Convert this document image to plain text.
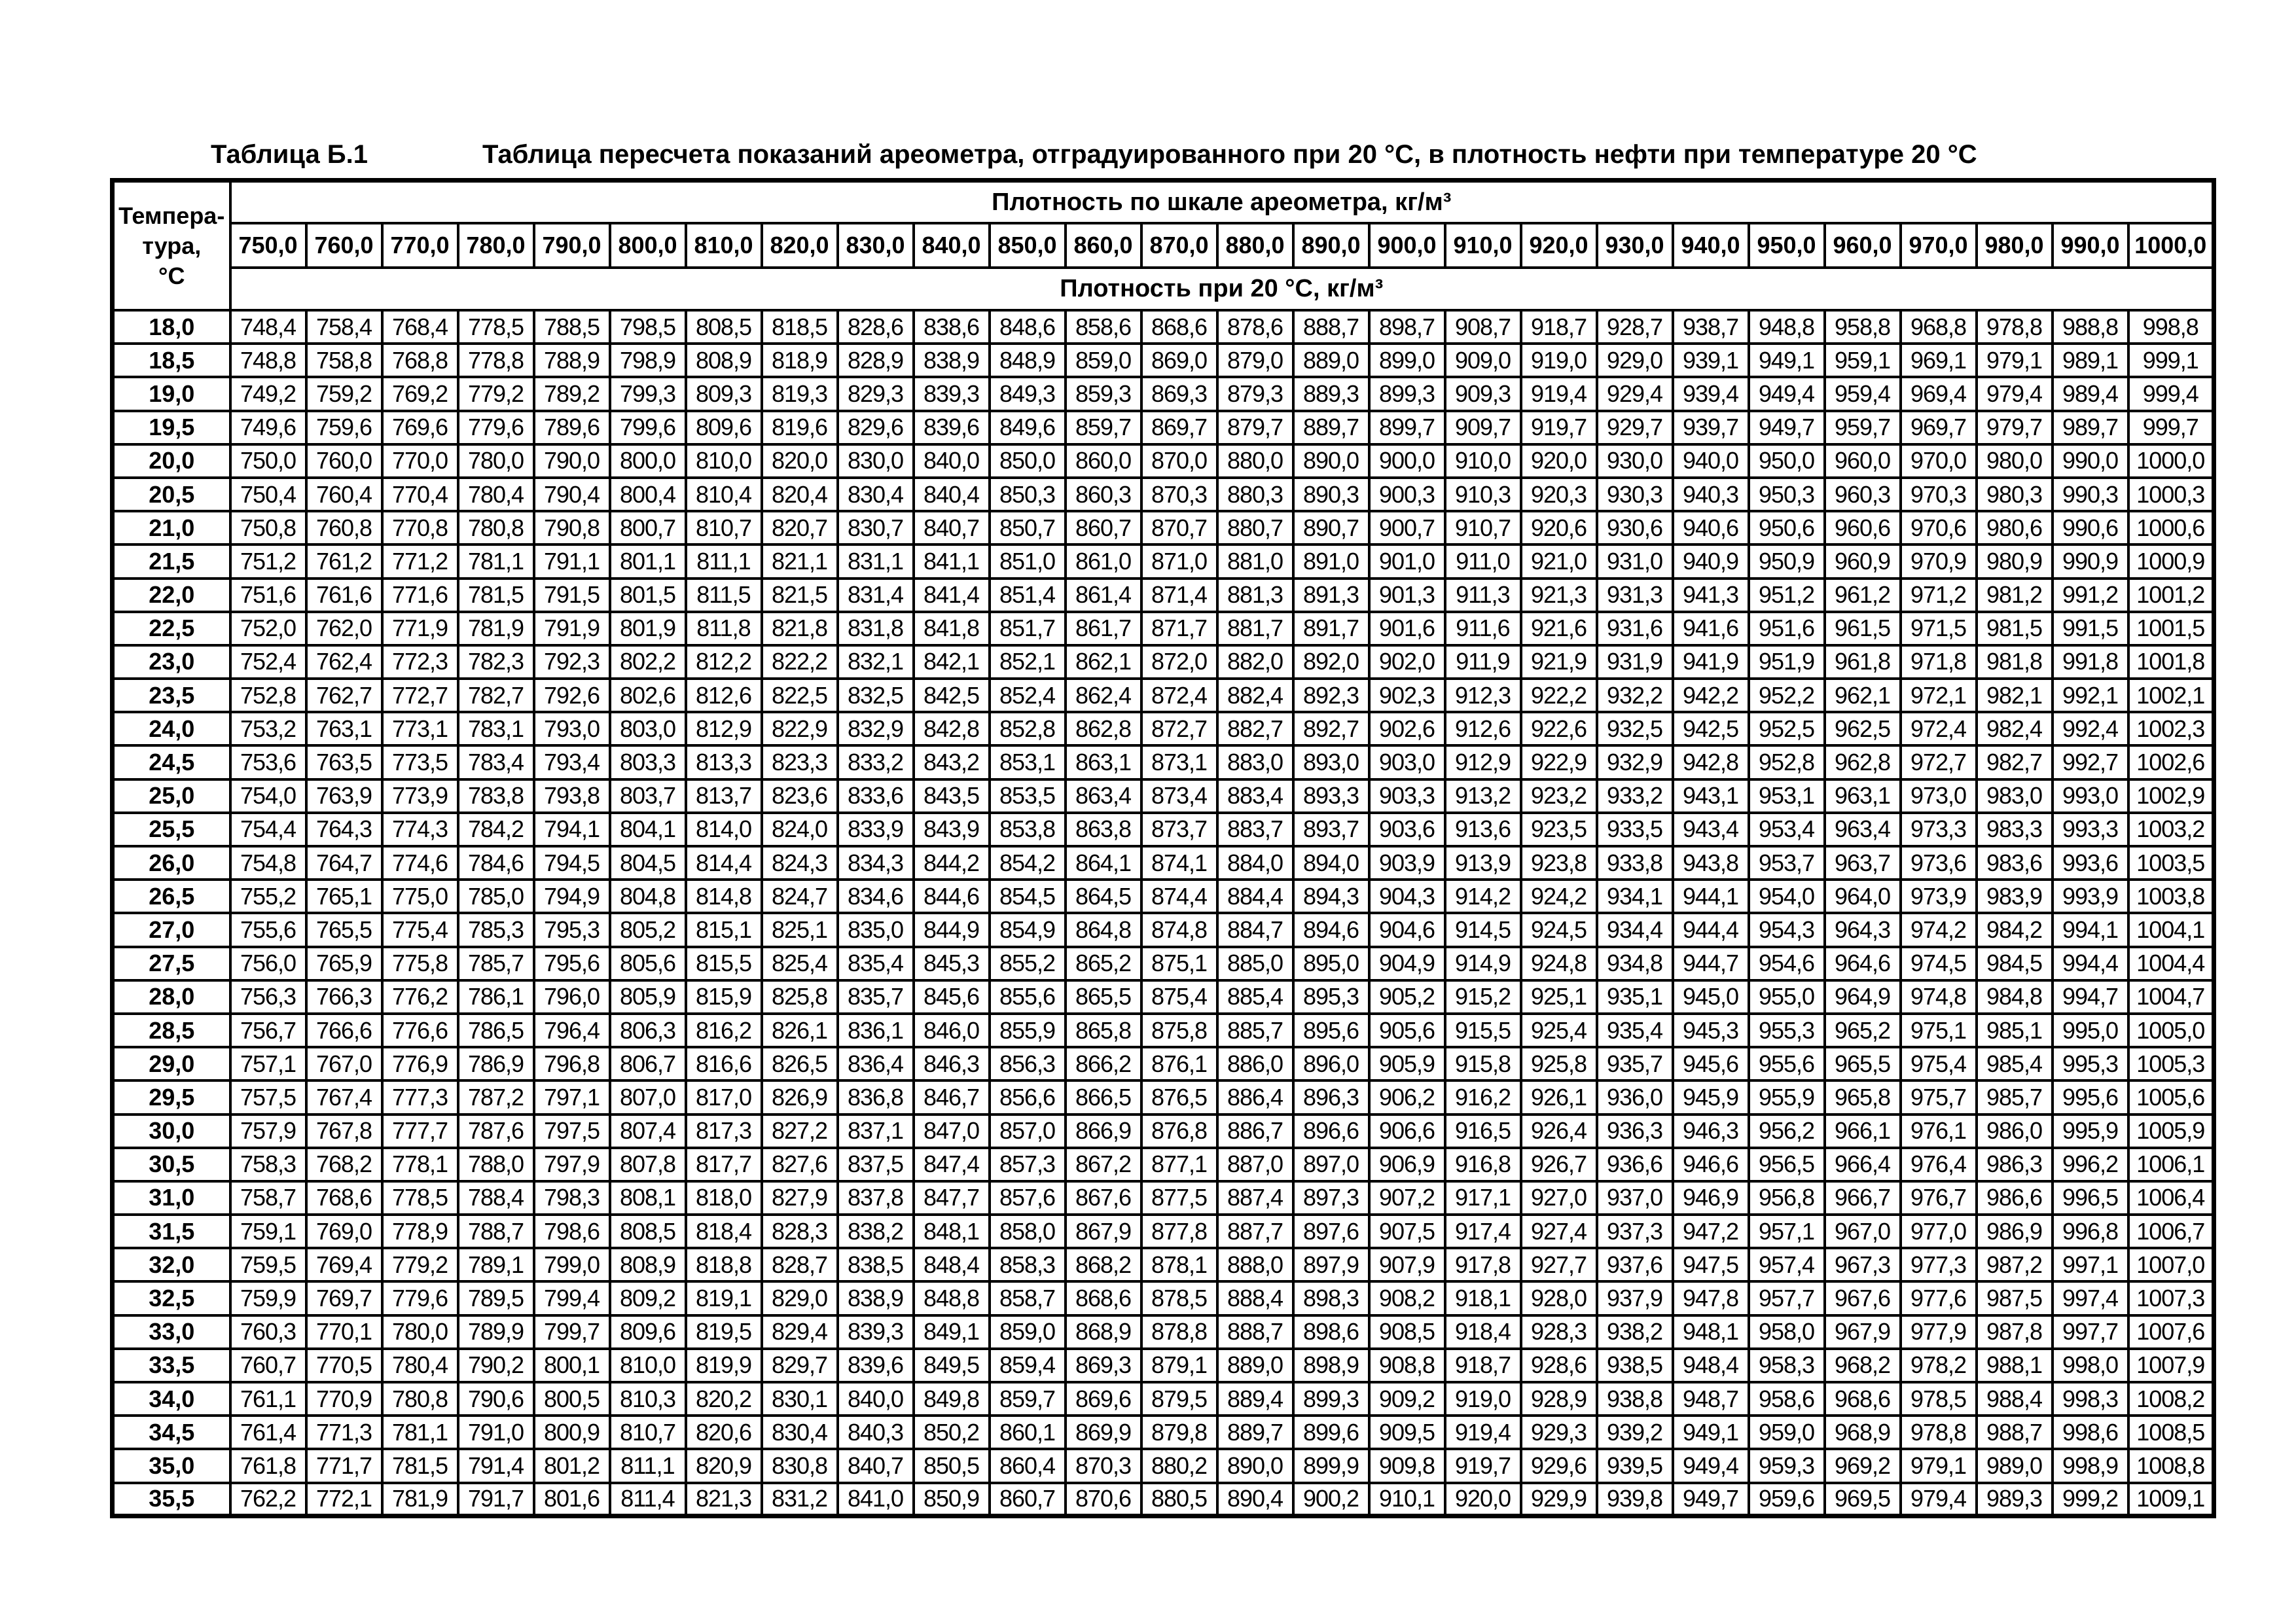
Таблица Б.1	Таблица пересчета показаний ареометра, отградуированного при 20 °С, в плотность нефти при температуре 20 °С
Темпера-
тура,
°С	Плотность по шкале ареометра, кг/м³																									
	750,0	760,0	770,0	780,0	790,0	800,0	810,0	820,0	830,0	840,0	850,0	860,0	870,0	880,0	890,0	900,0	910,0	920,0	930,0	940,0	950,0	960,0	970,0	980,0	990,0	1000,0
	Плотность при 20 °С, кг/м³																									
18,0	748,4	758,4	768,4	778,5	788,5	798,5	808,5	818,5	828,6	838,6	848,6	858,6	868,6	878,6	888,7	898,7	908,7	918,7	928,7	938,7	948,8	958,8	968,8	978,8	988,8	998,8
18,5	748,8	758,8	768,8	778,8	788,9	798,9	808,9	818,9	828,9	838,9	848,9	859,0	869,0	879,0	889,0	899,0	909,0	919,0	929,0	939,1	949,1	959,1	969,1	979,1	989,1	999,1
19,0	749,2	759,2	769,2	779,2	789,2	799,3	809,3	819,3	829,3	839,3	849,3	859,3	869,3	879,3	889,3	899,3	909,3	919,4	929,4	939,4	949,4	959,4	969,4	979,4	989,4	999,4
19,5	749,6	759,6	769,6	779,6	789,6	799,6	809,6	819,6	829,6	839,6	849,6	859,7	869,7	879,7	889,7	899,7	909,7	919,7	929,7	939,7	949,7	959,7	969,7	979,7	989,7	999,7
20,0	750,0	760,0	770,0	780,0	790,0	800,0	810,0	820,0	830,0	840,0	850,0	860,0	870,0	880,0	890,0	900,0	910,0	920,0	930,0	940,0	950,0	960,0	970,0	980,0	990,0	1000,0
20,5	750,4	760,4	770,4	780,4	790,4	800,4	810,4	820,4	830,4	840,4	850,3	860,3	870,3	880,3	890,3	900,3	910,3	920,3	930,3	940,3	950,3	960,3	970,3	980,3	990,3	1000,3
21,0	750,8	760,8	770,8	780,8	790,8	800,7	810,7	820,7	830,7	840,7	850,7	860,7	870,7	880,7	890,7	900,7	910,7	920,6	930,6	940,6	950,6	960,6	970,6	980,6	990,6	1000,6
21,5	751,2	761,2	771,2	781,1	791,1	801,1	811,1	821,1	831,1	841,1	851,0	861,0	871,0	881,0	891,0	901,0	911,0	921,0	931,0	940,9	950,9	960,9	970,9	980,9	990,9	1000,9
22,0	751,6	761,6	771,6	781,5	791,5	801,5	811,5	821,5	831,4	841,4	851,4	861,4	871,4	881,3	891,3	901,3	911,3	921,3	931,3	941,3	951,2	961,2	971,2	981,2	991,2	1001,2
22,5	752,0	762,0	771,9	781,9	791,9	801,9	811,8	821,8	831,8	841,8	851,7	861,7	871,7	881,7	891,7	901,6	911,6	921,6	931,6	941,6	951,6	961,5	971,5	981,5	991,5	1001,5
23,0	752,4	762,4	772,3	782,3	792,3	802,2	812,2	822,2	832,1	842,1	852,1	862,1	872,0	882,0	892,0	902,0	911,9	921,9	931,9	941,9	951,9	961,8	971,8	981,8	991,8	1001,8
23,5	752,8	762,7	772,7	782,7	792,6	802,6	812,6	822,5	832,5	842,5	852,4	862,4	872,4	882,4	892,3	902,3	912,3	922,2	932,2	942,2	952,2	962,1	972,1	982,1	992,1	1002,1
24,0	753,2	763,1	773,1	783,1	793,0	803,0	812,9	822,9	832,9	842,8	852,8	862,8	872,7	882,7	892,7	902,6	912,6	922,6	932,5	942,5	952,5	962,5	972,4	982,4	992,4	1002,3
24,5	753,6	763,5	773,5	783,4	793,4	803,3	813,3	823,3	833,2	843,2	853,1	863,1	873,1	883,0	893,0	903,0	912,9	922,9	932,9	942,8	952,8	962,8	972,7	982,7	992,7	1002,6
25,0	754,0	763,9	773,9	783,8	793,8	803,7	813,7	823,6	833,6	843,5	853,5	863,4	873,4	883,4	893,3	903,3	913,2	923,2	933,2	943,1	953,1	963,1	973,0	983,0	993,0	1002,9
25,5	754,4	764,3	774,3	784,2	794,1	804,1	814,0	824,0	833,9	843,9	853,8	863,8	873,7	883,7	893,7	903,6	913,6	923,5	933,5	943,4	953,4	963,4	973,3	983,3	993,3	1003,2
26,0	754,8	764,7	774,6	784,6	794,5	804,5	814,4	824,3	834,3	844,2	854,2	864,1	874,1	884,0	894,0	903,9	913,9	923,8	933,8	943,8	953,7	963,7	973,6	983,6	993,6	1003,5
26,5	755,2	765,1	775,0	785,0	794,9	804,8	814,8	824,7	834,6	844,6	854,5	864,5	874,4	884,4	894,3	904,3	914,2	924,2	934,1	944,1	954,0	964,0	973,9	983,9	993,9	1003,8
27,0	755,6	765,5	775,4	785,3	795,3	805,2	815,1	825,1	835,0	844,9	854,9	864,8	874,8	884,7	894,6	904,6	914,5	924,5	934,4	944,4	954,3	964,3	974,2	984,2	994,1	1004,1
27,5	756,0	765,9	775,8	785,7	795,6	805,6	815,5	825,4	835,4	845,3	855,2	865,2	875,1	885,0	895,0	904,9	914,9	924,8	934,8	944,7	954,6	964,6	974,5	984,5	994,4	1004,4
28,0	756,3	766,3	776,2	786,1	796,0	805,9	815,9	825,8	835,7	845,6	855,6	865,5	875,4	885,4	895,3	905,2	915,2	925,1	935,1	945,0	955,0	964,9	974,8	984,8	994,7	1004,7
28,5	756,7	766,6	776,6	786,5	796,4	806,3	816,2	826,1	836,1	846,0	855,9	865,8	875,8	885,7	895,6	905,6	915,5	925,4	935,4	945,3	955,3	965,2	975,1	985,1	995,0	1005,0
29,0	757,1	767,0	776,9	786,9	796,8	806,7	816,6	826,5	836,4	846,3	856,3	866,2	876,1	886,0	896,0	905,9	915,8	925,8	935,7	945,6	955,6	965,5	975,4	985,4	995,3	1005,3
29,5	757,5	767,4	777,3	787,2	797,1	807,0	817,0	826,9	836,8	846,7	856,6	866,5	876,5	886,4	896,3	906,2	916,2	926,1	936,0	945,9	955,9	965,8	975,7	985,7	995,6	1005,6
30,0	757,9	767,8	777,7	787,6	797,5	807,4	817,3	827,2	837,1	847,0	857,0	866,9	876,8	886,7	896,6	906,6	916,5	926,4	936,3	946,3	956,2	966,1	976,1	986,0	995,9	1005,9
30,5	758,3	768,2	778,1	788,0	797,9	807,8	817,7	827,6	837,5	847,4	857,3	867,2	877,1	887,0	897,0	906,9	916,8	926,7	936,6	946,6	956,5	966,4	976,4	986,3	996,2	1006,1
31,0	758,7	768,6	778,5	788,4	798,3	808,1	818,0	827,9	837,8	847,7	857,6	867,6	877,5	887,4	897,3	907,2	917,1	927,0	937,0	946,9	956,8	966,7	976,7	986,6	996,5	1006,4
31,5	759,1	769,0	778,9	788,7	798,6	808,5	818,4	828,3	838,2	848,1	858,0	867,9	877,8	887,7	897,6	907,5	917,4	927,4	937,3	947,2	957,1	967,0	977,0	986,9	996,8	1006,7
32,0	759,5	769,4	779,2	789,1	799,0	808,9	818,8	828,7	838,5	848,4	858,3	868,2	878,1	888,0	897,9	907,9	917,8	927,7	937,6	947,5	957,4	967,3	977,3	987,2	997,1	1007,0
32,5	759,9	769,7	779,6	789,5	799,4	809,2	819,1	829,0	838,9	848,8	858,7	868,6	878,5	888,4	898,3	908,2	918,1	928,0	937,9	947,8	957,7	967,6	977,6	987,5	997,4	1007,3
33,0	760,3	770,1	780,0	789,9	799,7	809,6	819,5	829,4	839,3	849,1	859,0	868,9	878,8	888,7	898,6	908,5	918,4	928,3	938,2	948,1	958,0	967,9	977,9	987,8	997,7	1007,6
33,5	760,7	770,5	780,4	790,2	800,1	810,0	819,9	829,7	839,6	849,5	859,4	869,3	879,1	889,0	898,9	908,8	918,7	928,6	938,5	948,4	958,3	968,2	978,2	988,1	998,0	1007,9
34,0	761,1	770,9	780,8	790,6	800,5	810,3	820,2	830,1	840,0	849,8	859,7	869,6	879,5	889,4	899,3	909,2	919,0	928,9	938,8	948,7	958,6	968,6	978,5	988,4	998,3	1008,2
34,5	761,4	771,3	781,1	791,0	800,9	810,7	820,6	830,4	840,3	850,2	860,1	869,9	879,8	889,7	899,6	909,5	919,4	929,3	939,2	949,1	959,0	968,9	978,8	988,7	998,6	1008,5
35,0	761,8	771,7	781,5	791,4	801,2	811,1	820,9	830,8	840,7	850,5	860,4	870,3	880,2	890,0	899,9	909,8	919,7	929,6	939,5	949,4	959,3	969,2	979,1	989,0	998,9	1008,8
35,5	762,2	772,1	781,9	791,7	801,6	811,4	821,3	831,2	841,0	850,9	860,7	870,6	880,5	890,4	900,2	910,1	920,0	929,9	939,8	949,7	959,6	969,5	979,4	989,3	999,2	1009,1
